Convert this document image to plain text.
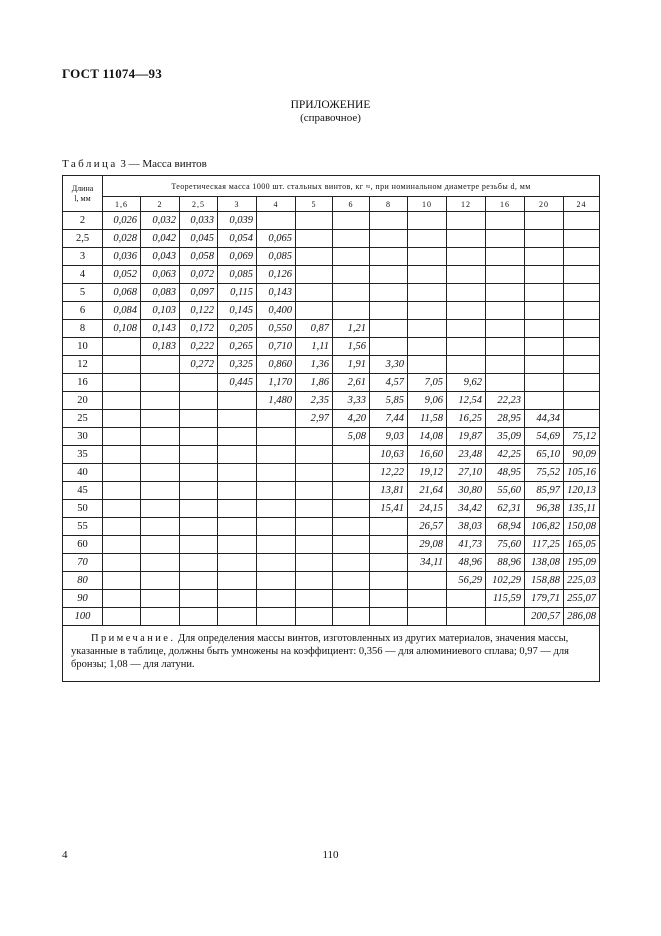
ГОСТ 11074—93
ПРИЛОЖЕНИЕ
(справочное)
Таблица 3 — Масса винтов
Длина
l, мм	Теоретическая масса 1000 шт. стальных винтов, кг ≈, при номинальном диаметре резьбы d, мм												
	1,6	2	2,5	3	4	5	6	8	10	12	16	20	24
2	0,026	0,032	0,033	0,039									
2,5	0,028	0,042	0,045	0,054	0,065								
3	0,036	0,043	0,058	0,069	0,085								
4	0,052	0,063	0,072	0,085	0,126								
5	0,068	0,083	0,097	0,115	0,143								
6	0,084	0,103	0,122	0,145	0,400								
8	0,108	0,143	0,172	0,205	0,550	0,87	1,21						
10		0,183	0,222	0,265	0,710	1,11	1,56						
12			0,272	0,325	0,860	1,36	1,91	3,30					
16				0,445	1,170	1,86	2,61	4,57	7,05	9,62			
20					1,480	2,35	3,33	5,85	9,06	12,54	22,23		
25						2,97	4,20	7,44	11,58	16,25	28,95	44,34	
30							5,08	9,03	14,08	19,87	35,09	54,69	75,12
35								10,63	16,60	23,48	42,25	65,10	90,09
40								12,22	19,12	27,10	48,95	75,52	105,16
45								13,81	21,64	30,80	55,60	85,97	120,13
50								15,41	24,15	34,42	62,31	96,38	135,11
55									26,57	38,03	68,94	106,82	150,08
60									29,08	41,73	75,60	117,25	165,05
70									34,11	48,96	88,96	138,08	195,09
80										56,29	102,29	158,88	225,03
90											115,59	179,71	255,07
100												200,57	286,08
Примечание. Для определения массы винтов, изготовленных из других материалов, значения массы, указанные в таблице, должны быть умножены на коэффициент: 0,356 — для алюминиевого сплава; 0,97 — для бронзы; 1,08 — для латуни.													
4	110
